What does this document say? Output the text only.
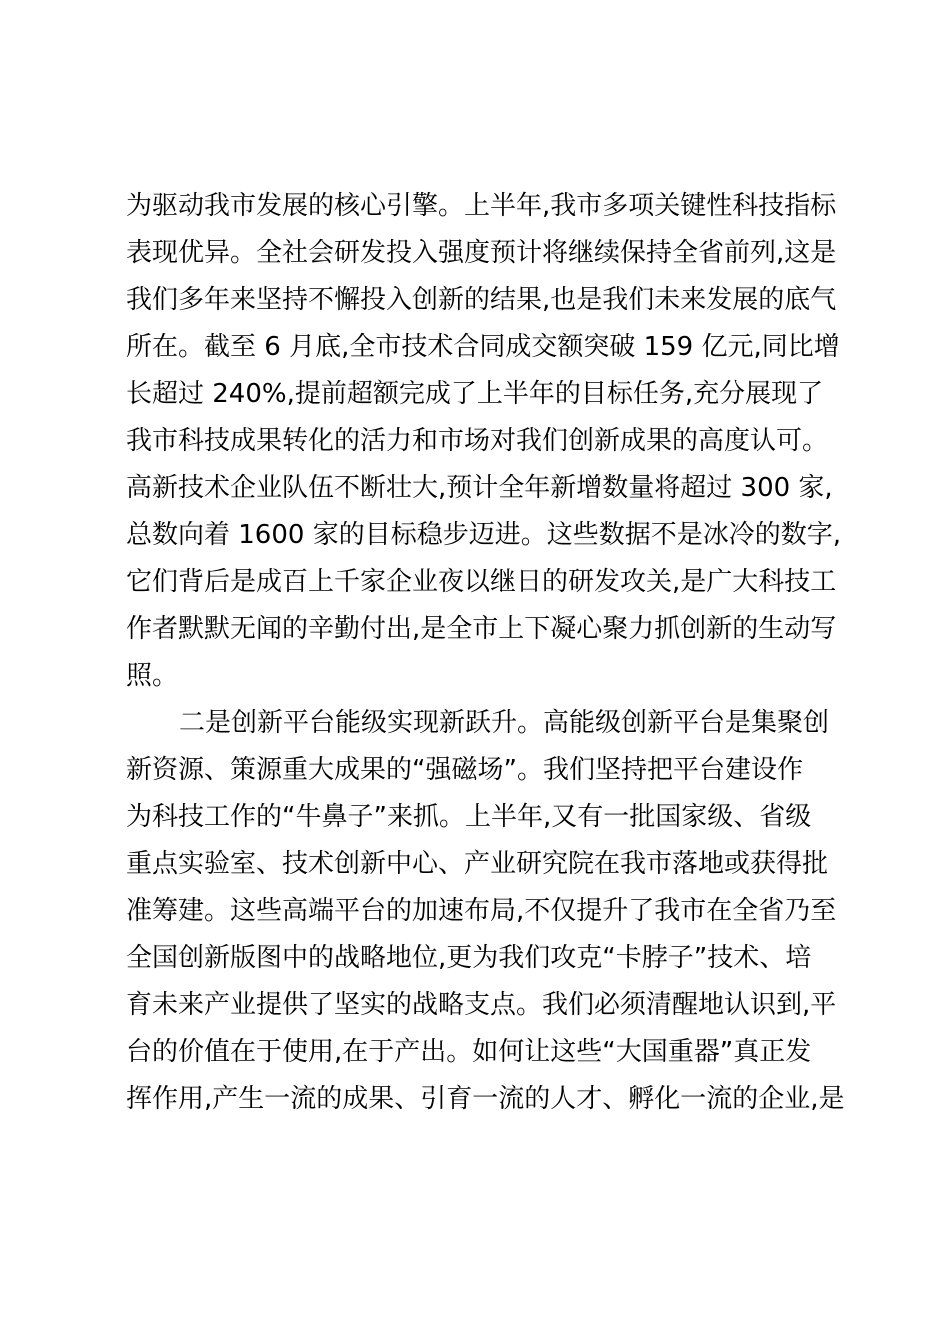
为驱动我市发展的核心引擎。上半年,我市多项关键性科技指标
表现优异。全社会研发投入强度预计将继续保持全省前列,这是
我们多年来坚持不懈投入创新的结果,也是我们未来发展的底气
所在。截至 6 月底,全市技术合同成交额突破 159 亿元,同比增
长超过 240%,提前超额完成了上半年的目标任务,充分展现了
我市科技成果转化的活力和市场对我们创新成果的高度认可。
高新技术企业队伍不断壮大,预计全年新增数量将超过 300 家,
总数向着 1600 家的目标稳步迈进。这些数据不是冰冷的数字,
它们背后是成百上千家企业夜以继日的研发攻关,是广大科技工
作者默默无闻的辛勤付出,是全市上下凝心聚力抓创新的生动写
照。
二是创新平台能级实现新跃升。高能级创新平台是集聚创
新资源、策源重大成果的“强磁场”。我们坚持把平台建设作
为科技工作的“牛鼻子”来抓。上半年,又有一批国家级、省级
重点实验室、技术创新中心、产业研究院在我市落地或获得批
准筹建。这些高端平台的加速布局,不仅提升了我市在全省乃至
全国创新版图中的战略地位,更为我们攻克“卡脖子”技术、培
育未来产业提供了坚实的战略支点。我们必须清醒地认识到,平
台的价值在于使用,在于产出。如何让这些“大国重器”真正发
挥作用,产生一流的成果、引育一流的人才、孵化一流的企业,是
